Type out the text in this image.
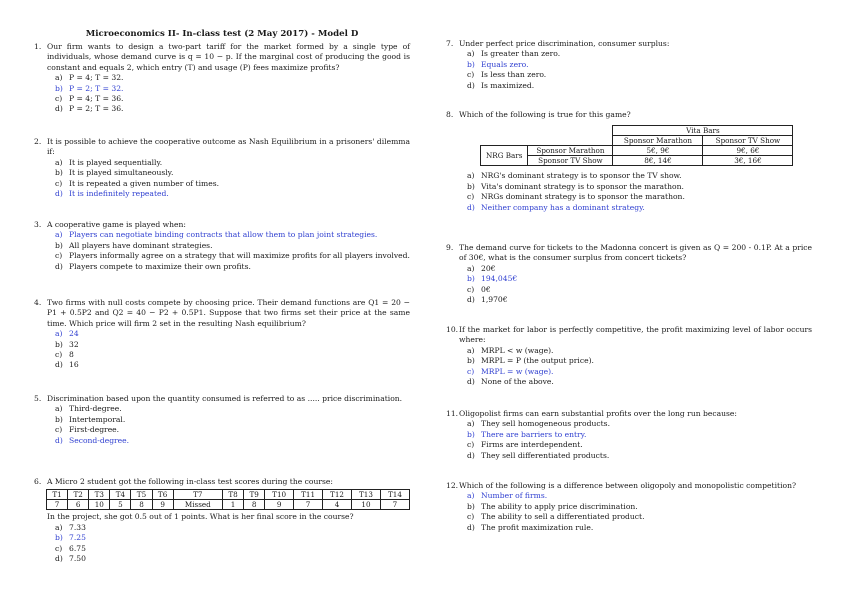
Microeconomics II- In-class test (2 May 2017) - Model D
1. Our firm wants to design a two-part tariff for the market formed by a single type of individuals, whose demand curve is q = 10 − p. If the marginal cost of producing the good is constant and equals 2, which entry (T) and usage (P) fees maximize profits?
a) P = 4; T = 32.
b) P = 2; T = 32.
c) P = 4; T = 36.
d) P = 2; T = 36.
2. It is possible to achieve the cooperative outcome as Nash Equilibrium in a prisoners' dilemma if:
a) It is played sequentially.
b) It is played simultaneously.
c) It is repeated a given number of times.
d) It is indefinitely repeated.
3. A cooperative game is played when:
a) Players can negotiate binding contracts that allow them to plan joint strategies.
b) All players have dominant strategies.
c) Players informally agree on a strategy that will maximize profits for all players involved.
d) Players compete to maximize their own profits.
4. Two firms with null costs compete by choosing price. Their demand functions are Q1 = 20 − P1 + 0.5P2 and Q2 = 40 − P2 + 0.5P1. Suppose that two firms set their price at the same time. Which price will firm 2 set in the resulting Nash equilibrium?
a) 24
b) 32
c) 8
d) 16
5. Discrimination based upon the quantity consumed is referred to as ..... price discrimination.
a) Third-degree.
b) Intertemporal.
c) First-degree.
d) Second-degree.
6. A Micro 2 student got the following in-class test scores during the course:
T1	T2	T3	T4	T5	T6	T7	T8	T9	T10	T11	T12	T13	T14
7	6	10	5	8	9	Missed	1	8	9	7	4	10	7
In the project, she got 0.5 out of 1 points. What is her final score in the course?
a) 7.33
b) 7.25
c) 6.75
d) 7.50
7. Under perfect price discrimination, consumer surplus:
a) Is greater than zero.
b) Equals zero.
c) Is less than zero.
d) Is maximized.
8. Which of the following is true for this game?
		Vita Bars	
		Sponsor Marathon	Sponsor TV Show
NRG Bars	Sponsor Marathon	5€, 9€	9€, 6€
	Sponsor TV Show	8€, 14€	3€, 16€
a) NRG's dominant strategy is to sponsor the TV show.
b) Vita's dominant strategy is to sponsor the marathon.
c) NRGs dominant strategy is to sponsor the marathon.
d) Neither company has a dominant strategy.
9. The demand curve for tickets to the Madonna concert is given as Q = 200 - 0.1P. At a price of 30€, what is the consumer surplus from concert tickets?
a) 20€
b) 194,045€
c) 0€
d) 1,970€
10. If the market for labor is perfectly competitive, the profit maximizing level of labor occurs where:
a) MRPL < w (wage).
b) MRPL = P (the output price).
c) MRPL = w (wage).
d) None of the above.
11. Oligopolist firms can earn substantial profits over the long run because:
a) They sell homogeneous products.
b) There are barriers to entry.
c) Firms are interdependent.
d) They sell differentiated products.
12. Which of the following is a difference between oligopoly and monopolistic competition?
a) Number of firms.
b) The ability to apply price discrimination.
c) The ability to sell a differentiated product.
d) The profit maximization rule.
